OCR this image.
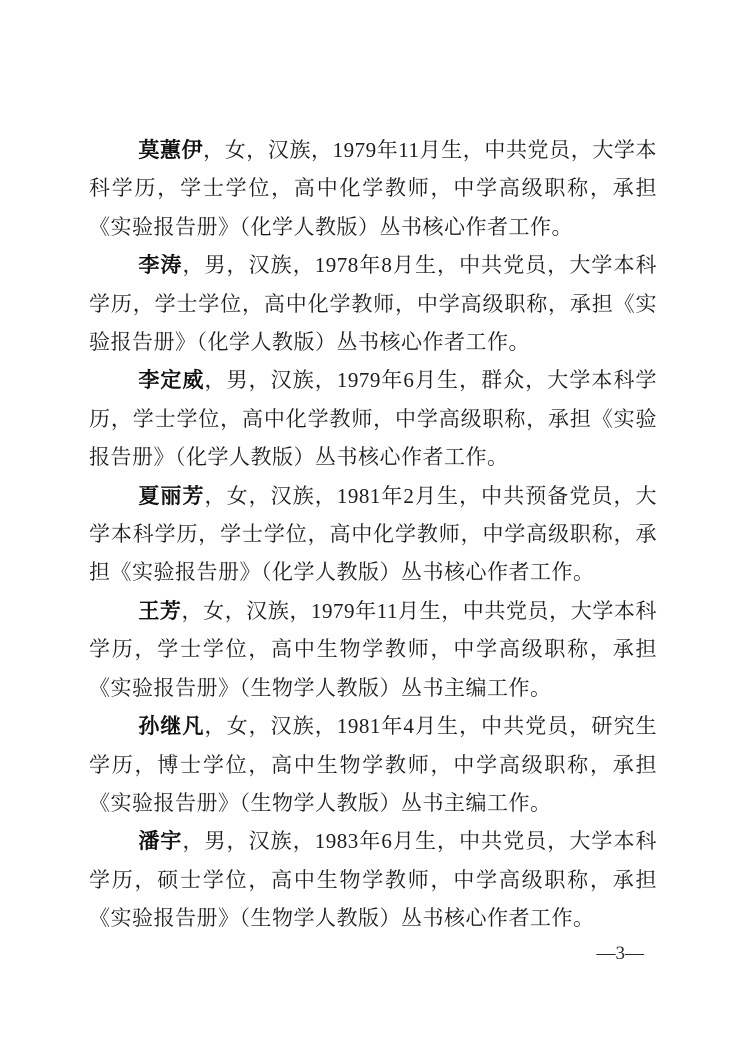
莫蕙伊，女，汉族，1979年11月生，中共党员，大学本科学历，学士学位，高中化学教师，中学高级职称，承担《实验报告册》（化学人教版）丛书核心作者工作。

李涛，男，汉族，1978年8月生，中共党员，大学本科学历，学士学位，高中化学教师，中学高级职称，承担《实验报告册》（化学人教版）丛书核心作者工作。

李定威，男，汉族，1979年6月生，群众，大学本科学历，学士学位，高中化学教师，中学高级职称，承担《实验报告册》（化学人教版）丛书核心作者工作。

夏丽芳，女，汉族，1981年2月生，中共预备党员，大学本科学历，学士学位，高中化学教师，中学高级职称，承担《实验报告册》（化学人教版）丛书核心作者工作。

王芳，女，汉族，1979年11月生，中共党员，大学本科学历，学士学位，高中生物学教师，中学高级职称，承担《实验报告册》（生物学人教版）丛书主编工作。

孙继凡，女，汉族，1981年4月生，中共党员，研究生学历，博士学位，高中生物学教师，中学高级职称，承担《实验报告册》（生物学人教版）丛书主编工作。

潘宇，男，汉族，1983年6月生，中共党员，大学本科学历，硕士学位，高中生物学教师，中学高级职称，承担《实验报告册》（生物学人教版）丛书核心作者工作。

—3—
